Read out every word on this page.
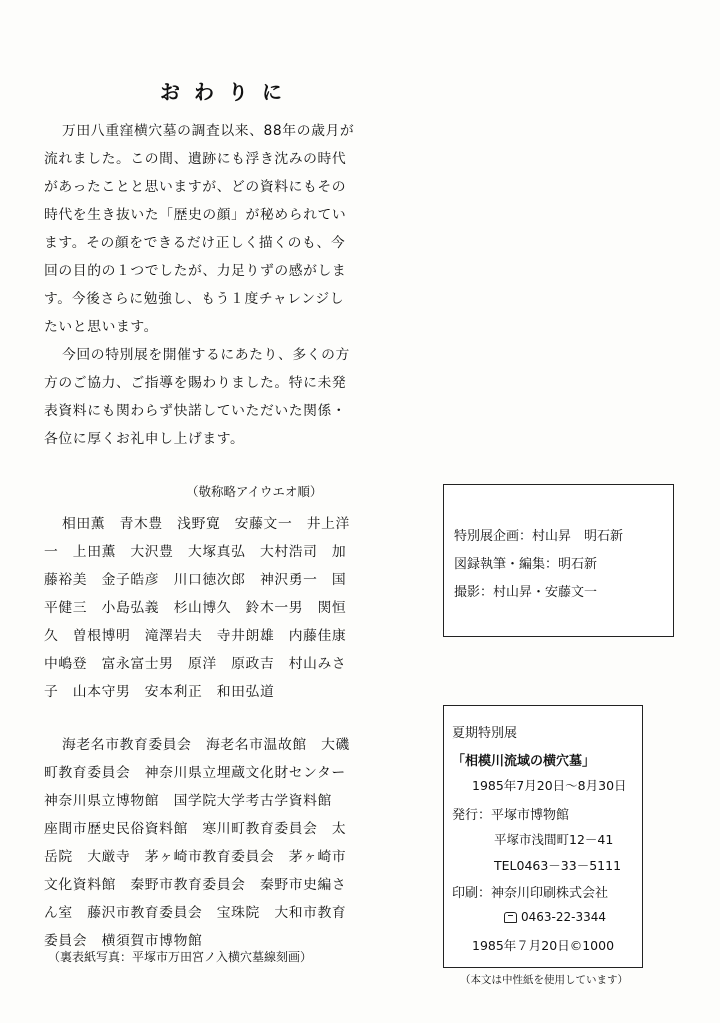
おわりに
万田八重窪横穴墓の調査以来、88年の歳月が
流れました。この間、遺跡にも浮き沈みの時代
があったことと思いますが、どの資料にもその
時代を生き抜いた「歴史の顔」が秘められてい
ます。その顔をできるだけ正しく描くのも、今
回の目的の１つでしたが、力足りずの感がしま
す。今後さらに勉強し、もう１度チャレンジし
たいと思います。
今回の特別展を開催するにあたり、多くの方
方のご協力、ご指導を賜わりました。特に未発
表資料にも関わらず快諾していただいた関係・
各位に厚くお礼申し上げます。
（敬称略アイウエオ順）
相田薫　青木豊　浅野寛　安藤文一　井上洋
一　上田薫　大沢豊　大塚真弘　大村浩司　加
藤裕美　金子皓彦　川口徳次郎　神沢勇一　国
平健三　小島弘義　杉山博久　鈴木一男　関恒
久　曽根博明　滝澤岩夫　寺井朗雄　内藤佳康
中嶋登　富永富士男　原洋　原政吉　村山みさ
子　山本守男　安本利正　和田弘道
海老名市教育委員会　海老名市温故館　大磯
町教育委員会　神奈川県立埋蔵文化財センター
神奈川県立博物館　国学院大学考古学資料館
座間市歴史民俗資料館　寒川町教育委員会　太
岳院　大厳寺　茅ヶ崎市教育委員会　茅ヶ崎市
文化資料館　秦野市教育委員会　秦野市史編さ
ん室　藤沢市教育委員会　宝珠院　大和市教育
委員会　横須賀市博物館
（裏表紙写真：平塚市万田宮ノ入横穴墓線刻画）
特別展企画：村山昇　明石新
図録執筆・編集：明石新
撮影：村山昇・安藤文一
夏期特別展
「相模川流域の横穴墓」
1985年7月20日～8月30日
発行：平塚市博物館
平塚市浅間町12－41
TEL0463－33－5111
印刷：神奈川印刷株式会社
0463-22-3344
1985年７月20日©1000
（本文は中性紙を使用しています）
